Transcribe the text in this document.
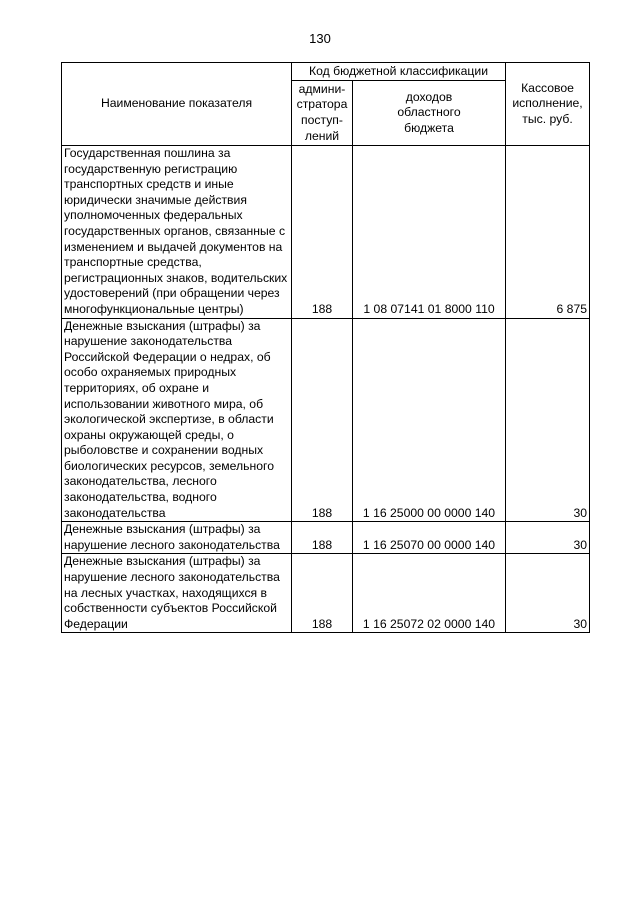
130
Наименование показателя	Код бюджетной классификации		Кассовое
исполнение,
тыс. руб.
	админи-
стратора
поступ-
лений	доходов
областного
бюджета	
Государственная пошлина за государственную регистрацию транспортных средств и иные юридически значимые действия уполномоченных федеральных государственных органов, связанные с изменением и выдачей документов на транспортные средства, регистрационных знаков, водительских удостоверений (при обращении через многофункциональные центры)	188	1 08 07141 01 8000 110	6 875
Денежные взыскания (штрафы) за нарушение законодательства Российской Федерации о недрах, об особо охраняемых природных территориях, об охране и использовании животного мира, об экологической экспертизе, в области охраны окружающей среды, о рыболовстве и сохранении водных биологических ресурсов, земельного законодательства, лесного законодательства, водного законодательства	188	1 16 25000 00 0000 140	30
Денежные взыскания (штрафы) за нарушение лесного законодательства	188	1 16 25070 00 0000 140	30
Денежные взыскания (штрафы) за нарушение лесного законодательства на лесных участках, находящихся в собственности субъектов Российской Федерации	188	1 16 25072 02 0000 140	30
